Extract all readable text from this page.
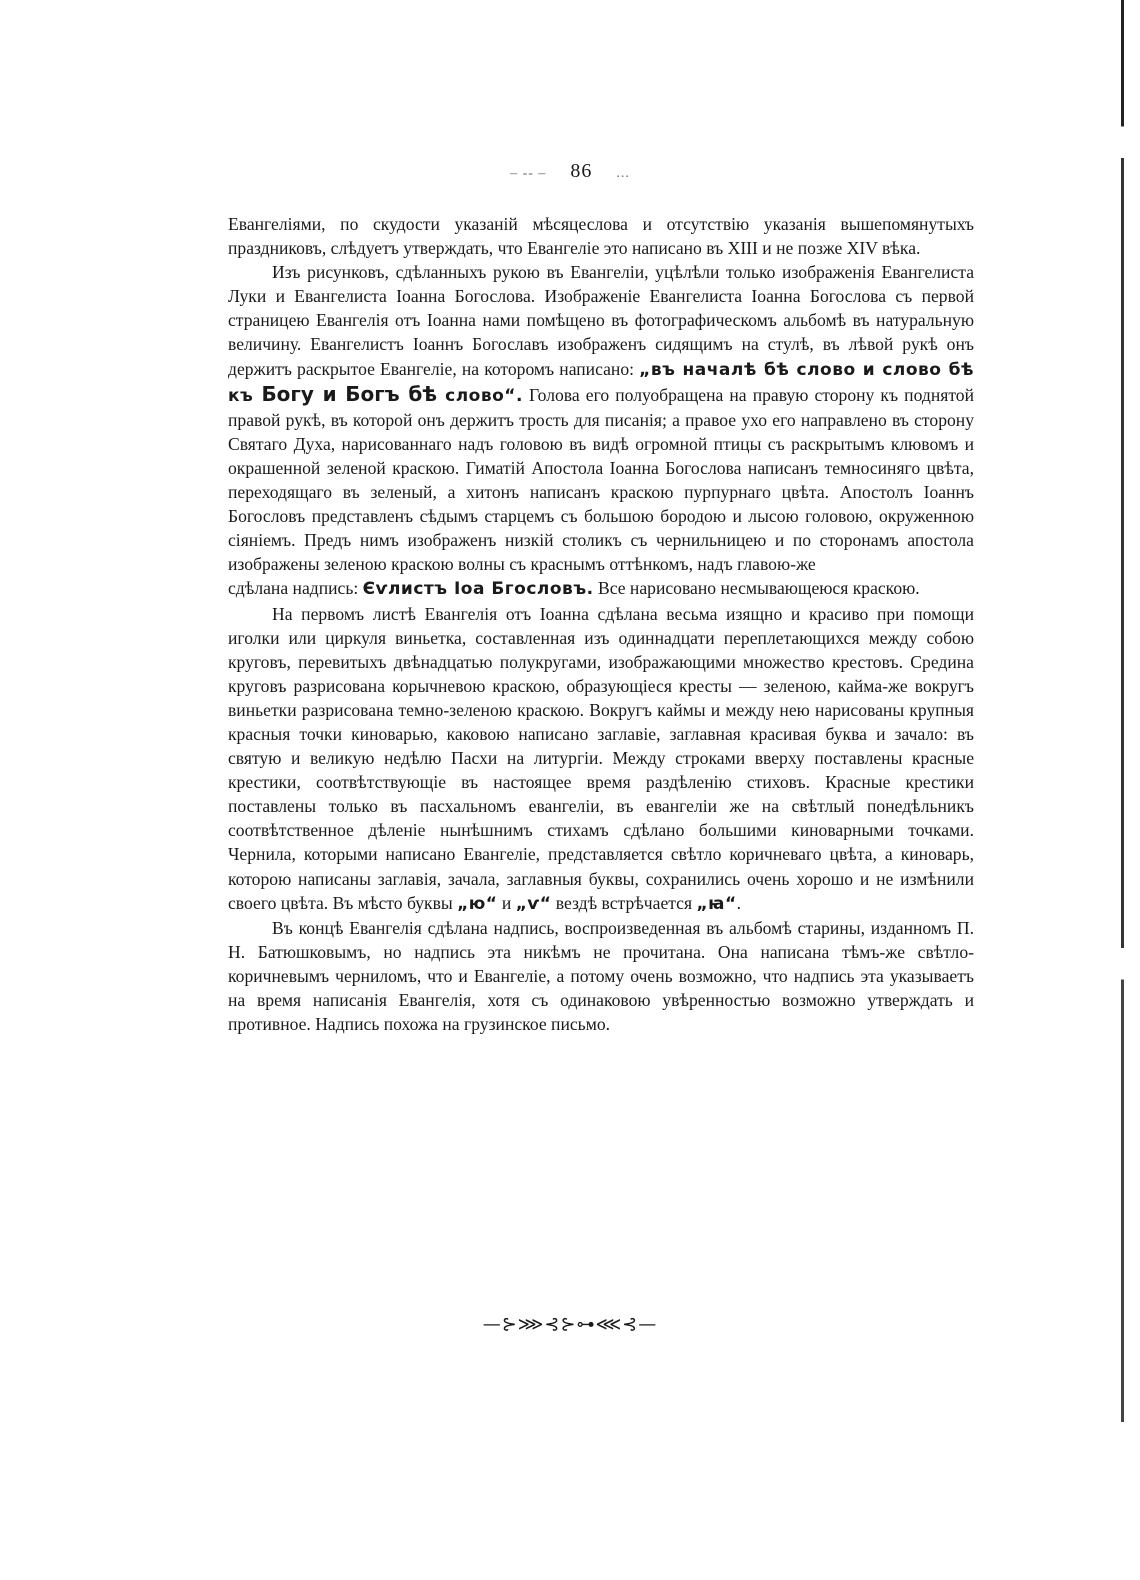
– -- – 86 ...

Евангеліями, по скудости указаній мѣсяцеслова и отсутствію указанія вышепомянутыхъ праздниковъ, слѣдуетъ утверждать, что Евангеліе это написано въ XIII и не позже XIV вѣка.

Изъ рисунковъ, сдѣланныхъ рукою въ Евангеліи, уцѣлѣли только изображенія Евангелиста Луки и Евангелиста Іоанна Богослова. Изображеніе Евангелиста Іоанна Богослова съ первой страницею Евангелія отъ Іоанна нами помѣщено въ фотографическомъ альбомѣ въ натуральную величину. Евангелистъ Іоаннъ Богославъ изображенъ сидящимъ на стулѣ, въ лѣвой рукѣ онъ держитъ раскрытое Евангеліе, на которомъ написано: „въ началѣ бѣ слово и слово бѣ къ Богу и Богъ бѣ слово“. Голова его полуобращена на правую сторону къ поднятой правой рукѣ, въ которой онъ держитъ трость для писанія; а правое ухо его направлено въ сторону Святаго Духа, нарисованнаго надъ головою въ видѣ огромной птицы съ раскрытымъ клювомъ и окрашенной зеленой краскою. Гиматій Апостола Іоанна Богослова написанъ темносиняго цвѣта, переходящаго въ зеленый, а хитонъ написанъ краскою пурпурнаго цвѣта. Апостолъ Іоаннъ Богословъ представленъ сѣдымъ старцемъ съ большою бородою и лысою головою, окруженною сіяніемъ. Предъ нимъ изображенъ низкій столикъ съ чернильницею и по сторонамъ апостола изображены зеленою краскою волны съ краснымъ оттѣнкомъ, надъ главою-же

сдѣлана надпись: Єѵлистъ Іоа Бгословъ. Все нарисовано несмывающеюся краскою.

На первомъ листѣ Евангелія отъ Іоанна сдѣлана весьма изящно и красиво при помощи иголки или циркуля виньетка, составленная изъ одиннадцати переплетающихся между собою круговъ, перевитыхъ двѣнадцатью полукругами, изображающими множество крестовъ. Средина круговъ разрисована корычневою краскою, образующіеся кресты — зеленою, кайма-же вокругъ виньетки разрисована темно-зеленою краскою. Вокругъ каймы и между нею нарисованы крупныя красныя точки киноварью, каковою написано заглавіе, заглавная красивая буква и зачало: въ святую и великую недѣлю Пасхи на литургіи. Между строками вверху поставлены красные крестики, соотвѣтствующіе въ настоящее время раздѣленію стиховъ. Красные крестики поставлены только въ пасхальномъ евангеліи, въ евангеліи же на свѣтлый понедѣльникъ соотвѣтственное дѣленіе нынѣшнимъ стихамъ сдѣлано большими киноварными точками. Чернила, которыми написано Евангеліе, представляется свѣтло коричневаго цвѣта, а киноварь, которою написаны заглавія, зачала, заглавныя буквы, сохранились очень хорошо и не измѣнили своего цвѣта. Въ мѣсто буквы „ю“ и „ѵ“ вездѣ встрѣчается „ꙗ“.

Въ концѣ Евангелія сдѣлана надпись, воспроизведенная въ альбомѣ старины, изданномъ П. Н. Батюшковымъ, но надпись эта никѣмъ не прочитана. Она написана тѣмъ-же свѣтло-коричневымъ черниломъ, что и Евангеліе, а потому очень возможно, что надпись эта указываетъ на время написанія Евангелія, хотя съ одинаковою увѣренностью возможно утверждать и противное. Надпись похожа на грузинское письмо.

—⊱⋙⊰⊱⊶⋘⊰—
